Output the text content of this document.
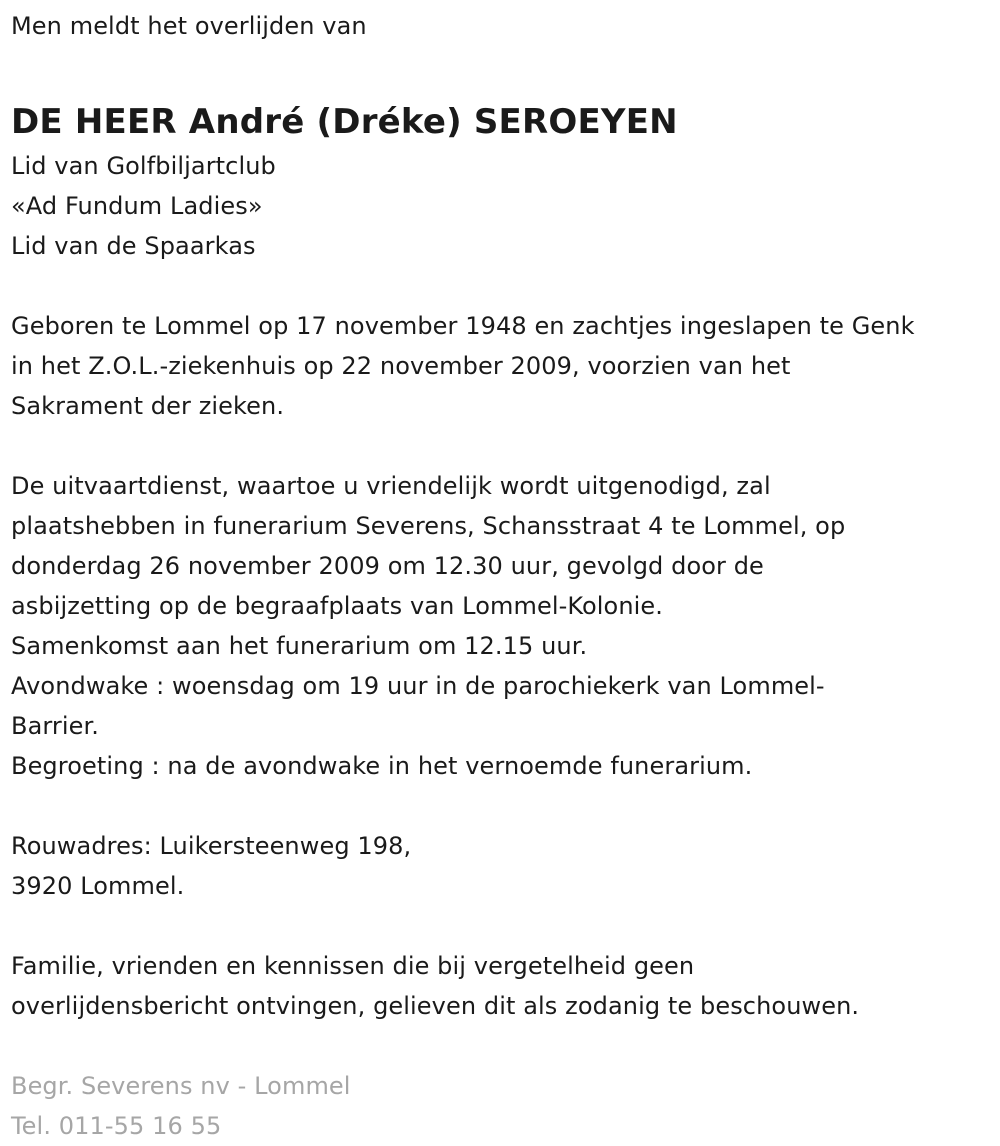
Men meldt het overlijden van
DE HEER André (Dréke) SEROEYEN
Lid van Golfbiljartclub
«Ad Fundum Ladies»
Lid van de Spaarkas
Geboren te Lommel op 17 november 1948 en zachtjes ingeslapen te Genk
in het Z.O.L.-ziekenhuis op 22 november 2009, voorzien van het
Sakrament der zieken.
De uitvaartdienst, waartoe u vriendelijk wordt uitgenodigd, zal
plaatshebben in funerarium Severens, Schansstraat 4 te Lommel, op
donderdag 26 november 2009 om 12.30 uur, gevolgd door de
asbijzetting op de begraafplaats van Lommel-Kolonie.
Samenkomst aan het funerarium om 12.15 uur.
Avondwake : woensdag om 19 uur in de parochiekerk van Lommel-
Barrier.
Begroeting : na de avondwake in het vernoemde funerarium.
Rouwadres: Luikersteenweg 198,
3920 Lommel.
Familie, vrienden en kennissen die bij vergetelheid geen
overlijdensbericht ontvingen, gelieven dit als zodanig te beschouwen.
Begr. Severens nv - Lommel
Tel. 011-55 16 55
